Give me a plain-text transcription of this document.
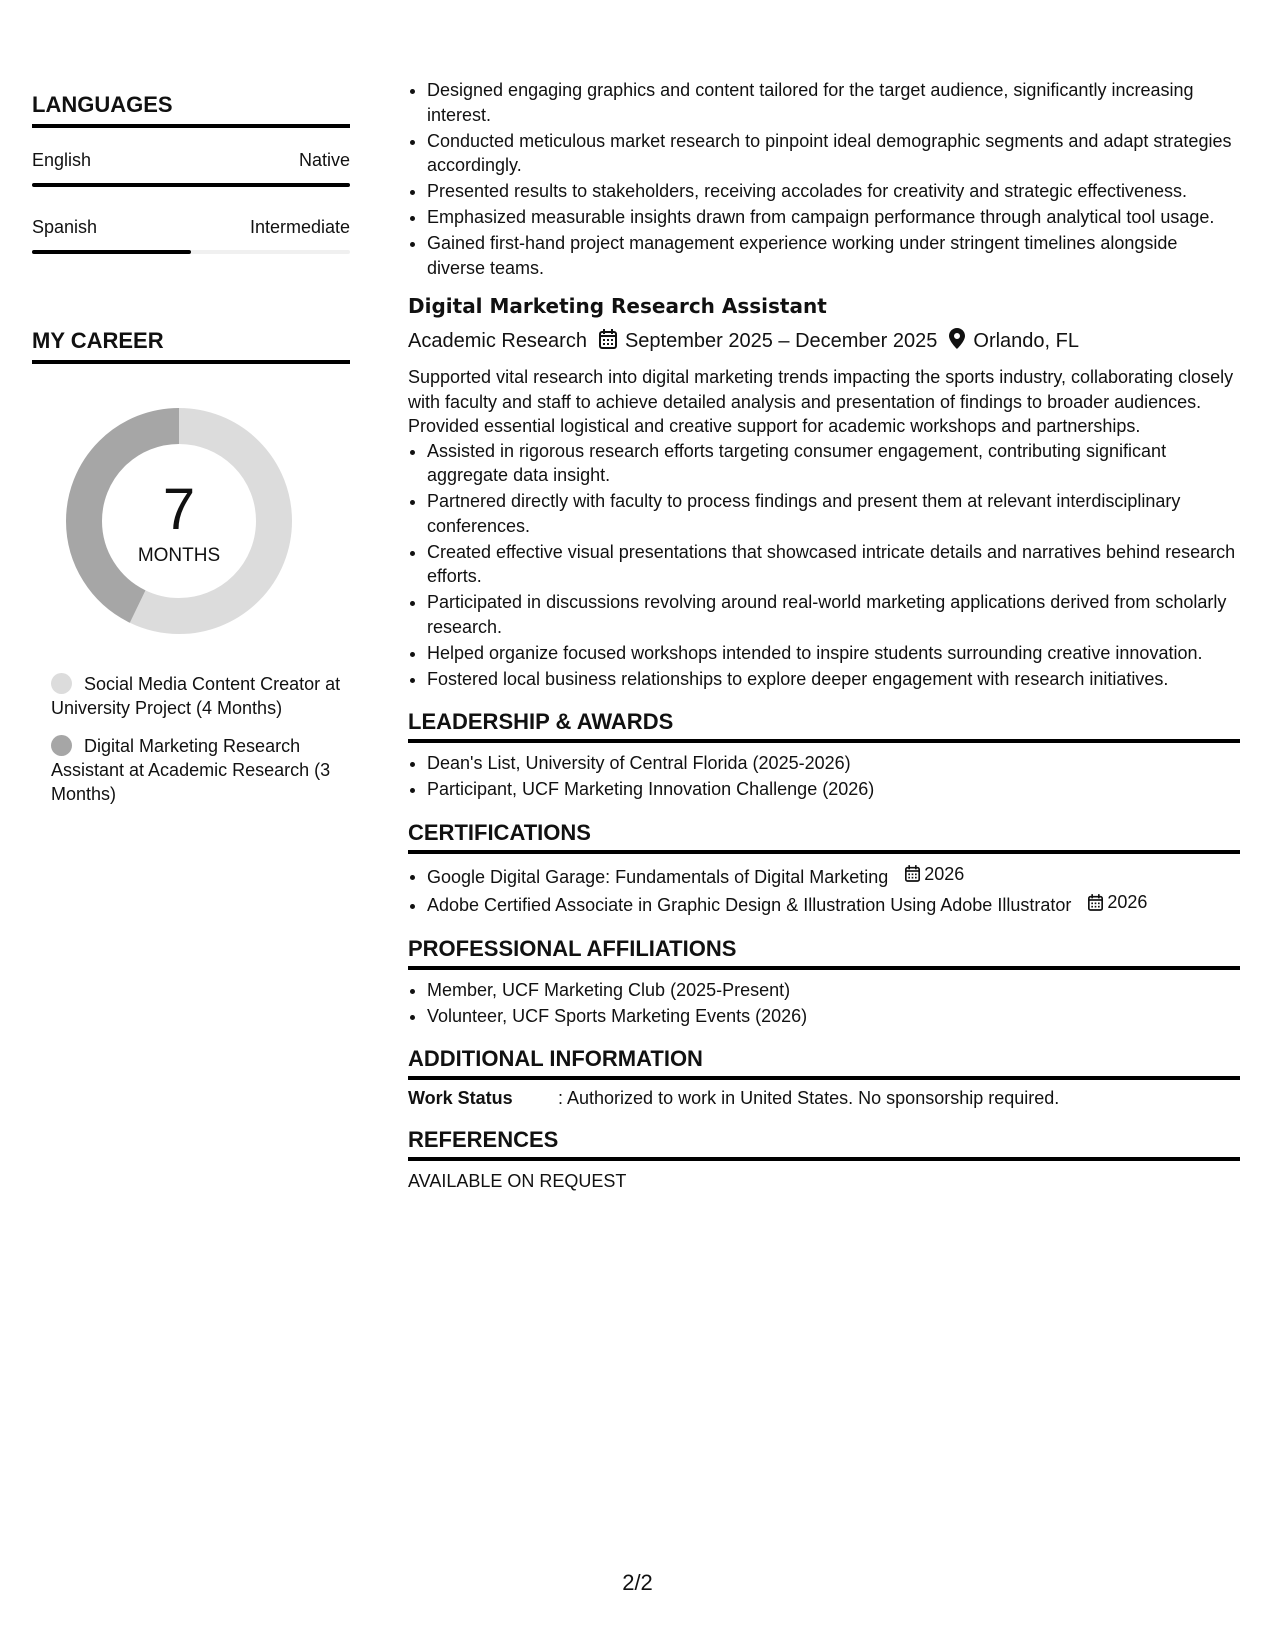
LANGUAGES
English	Native
Spanish	Intermediate
MY CAREER
7
MONTHS
Social Media Content Creator at University Project (4 Months)
Digital Marketing Research Assistant at Academic Research (3 Months)
• Designed engaging graphics and content tailored for the target audience, significantly increasing interest.
• Conducted meticulous market research to pinpoint ideal demographic segments and adapt strategies accordingly.
• Presented results to stakeholders, receiving accolades for creativity and strategic effectiveness.
• Emphasized measurable insights drawn from campaign performance through analytical tool usage.
• Gained first-hand project management experience working under stringent timelines alongside diverse teams.
Digital Marketing Research Assistant
Academic Research September 2025 – December 2025 Orlando, FL
Supported vital research into digital marketing trends impacting the sports industry, collaborating closely with faculty and staff to achieve detailed analysis and presentation of findings to broader audiences. Provided essential logistical and creative support for academic workshops and partnerships.
• Assisted in rigorous research efforts targeting consumer engagement, contributing significant aggregate data insight.
• Partnered directly with faculty to process findings and present them at relevant interdisciplinary conferences.
• Created effective visual presentations that showcased intricate details and narratives behind research efforts.
• Participated in discussions revolving around real-world marketing applications derived from scholarly research.
• Helped organize focused workshops intended to inspire students surrounding creative innovation.
• Fostered local business relationships to explore deeper engagement with research initiatives.
LEADERSHIP & AWARDS
• Dean's List, University of Central Florida (2025-2026)
• Participant, UCF Marketing Innovation Challenge (2026)
CERTIFICATIONS
• Google Digital Garage: Fundamentals of Digital Marketing 2026
• Adobe Certified Associate in Graphic Design & Illustration Using Adobe Illustrator 2026
PROFESSIONAL AFFILIATIONS
• Member, UCF Marketing Club (2025-Present)
• Volunteer, UCF Sports Marketing Events (2026)
ADDITIONAL INFORMATION
Work Status	: Authorized to work in United States. No sponsorship required.
REFERENCES
AVAILABLE ON REQUEST
2/2
